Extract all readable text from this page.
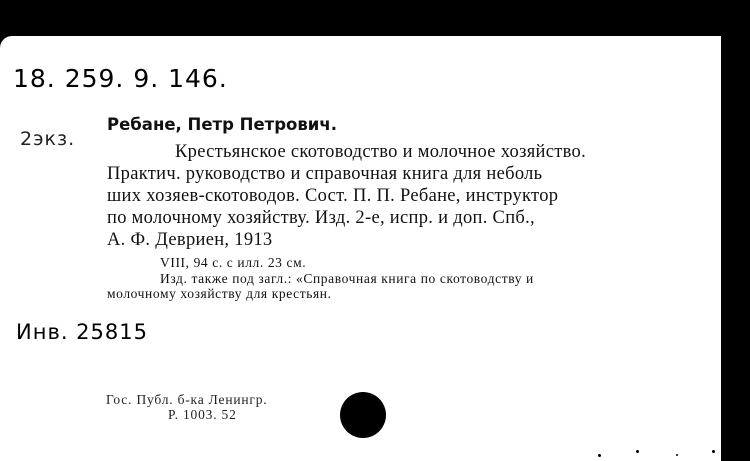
18. 259. 9. 146.

2экз.

Ребане, Петр Петрович.

Крестьянское скотоводство и молочное хозяйство.

Практич. руководство и справочная книга для неболь

ших хозяев-скотоводов. Сост. П. П. Ребане, инструктор

по молочному хозяйству. Изд. 2-е, испр. и доп. Спб.,

А. Ф. Девриен, 1913

VIII, 94 с. с илл. 23 см.

Изд. также под загл.: «Справочная книга по скотоводству и

молочному хозяйству для крестьян.

Инв. 25815

Гос. Публ. б-ка Ленингр.

Р. 1003. 52
